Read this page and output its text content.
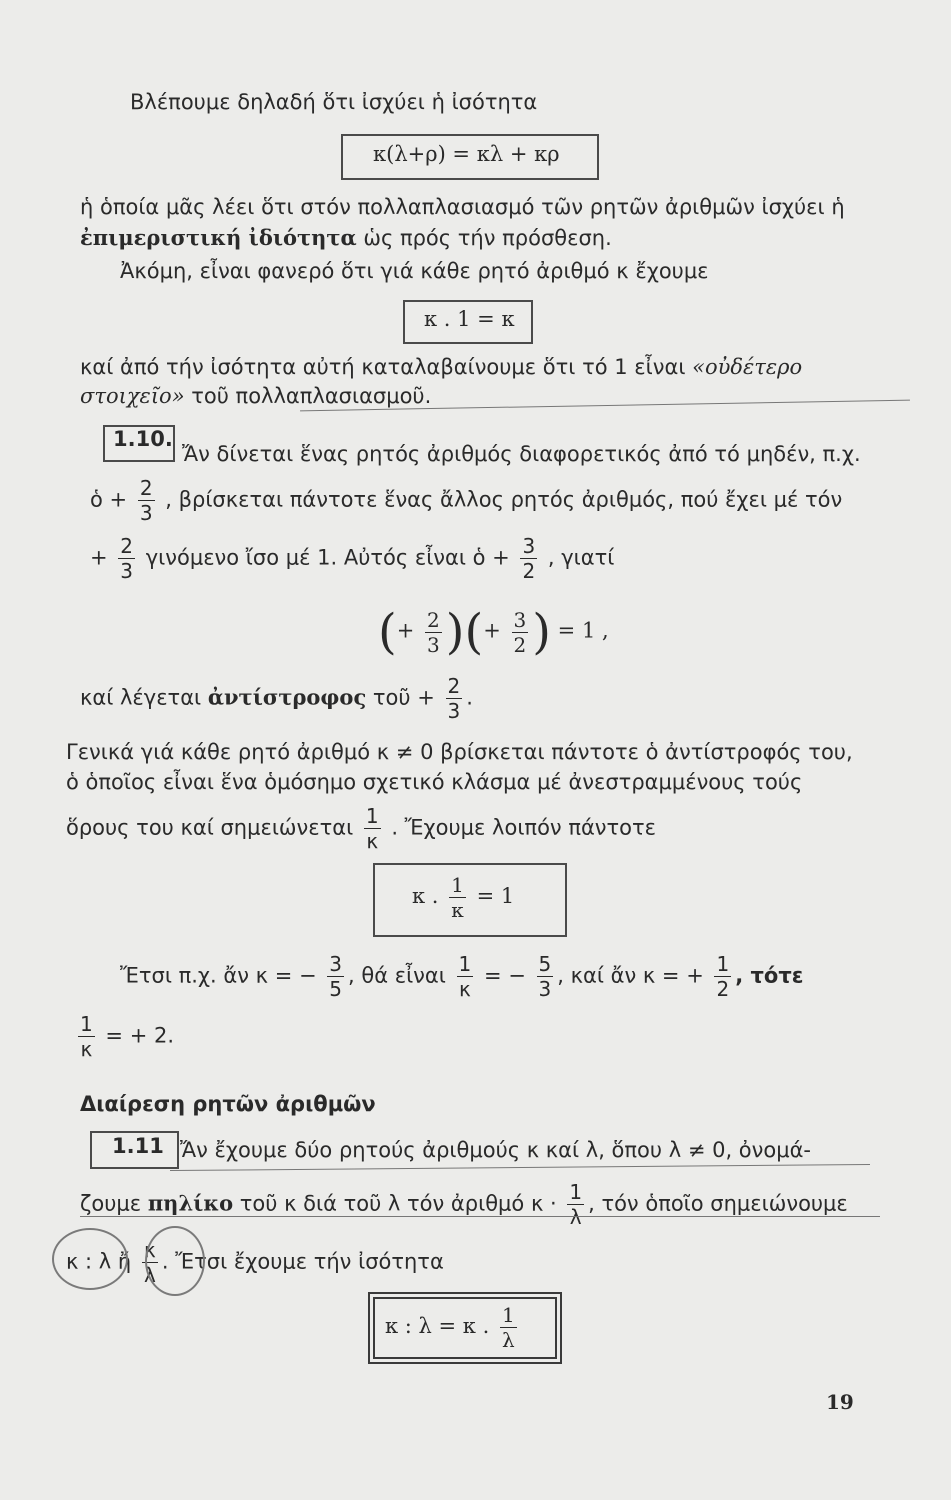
Βλέπουμε δηλαδή ὅτι ἰσχύει ἡ ἰσότητα
κ(λ+ρ) = κλ + κρ
ἡ ὁποία μᾶς λέει ὅτι στόν πολλαπλασιασμό τῶν ρητῶν ἀριθμῶν ἰσχύει ἡ
ἐπιμεριστική ἰδιότητα ὡς πρός τήν πρόσθεση.
Ἀκόμη, εἶναι φανερό ὅτι γιά κάθε ρητό ἀριθμό κ ἔχουμε
κ . 1 = κ
καί ἀπό τήν ἰσότητα αὐτή καταλαβαίνουμε ὅτι τό 1 εἶναι «οὐδέτερο
στοιχεῖο» τοῦ πολλαπλασιασμοῦ.
1.10.
Ἄν δίνεται ἕνας ρητός ἀριθμός διαφορετικός ἀπό τό μηδέν, π.χ.
ὁ + $\frac{2}{3}$ , βρίσκεται πάντοτε ἕνας ἄλλος ρητός ἀριθμός, πού ἔχει μέ τόν
+ $\frac{2}{3}$ γινόμενο ἴσο μέ 1. Αὐτός εἶναι ὁ + $\frac{3}{2}$ , γιατί
(+ $\frac{2}{3}$ )(+ $\frac{3}{2}$ ) = 1 ,
καί λέγεται ἀντίστροφος τοῦ + $\frac{2}{3}$ .
Γενικά γιά κάθε ρητό ἀριθμό κ ≠ 0 βρίσκεται πάντοτε ὁ ἀντίστροφός του,
ὁ ὁποῖος εἶναι ἕνα ὁμόσημο σχετικό κλάσμα μέ ἀνεστραμμένους τούς
ὅρους του καί σημειώνεται $\frac{1}{\kappa}$ . Ἔχουμε λοιπόν πάντοτε
κ . $\frac{1}{\kappa} = 1$
Ἔτσι π.χ. ἄν κ = − $\frac{3}{5}$ , θά εἶναι $\frac{1}{\kappa}$ = − $\frac{5}{3}$ , καί ἄν κ = + $\frac{1}{2}$ , τότε
$\frac{1}{\kappa}$ = + 2.
Διαίρεση ρητῶν ἀριθμῶν
1.11 Ἄν ἔχουμε δύο ρητούς ἀριθμούς κ καί λ, ὅπου λ ≠ 0, ὀνομά-
ζουμε πηλίκο τοῦ κ διά τοῦ λ τόν ἀριθμό $\kappa \cdot \frac{1}{\lambda}$ , τόν ὁποῖο σημειώνουμε
κ : λ ἤ $\frac{\kappa}{\lambda}$ . Ἔτσι ἔχουμε τήν ἰσότητα
κ : λ = κ . $\frac{1}{\lambda}$
19
